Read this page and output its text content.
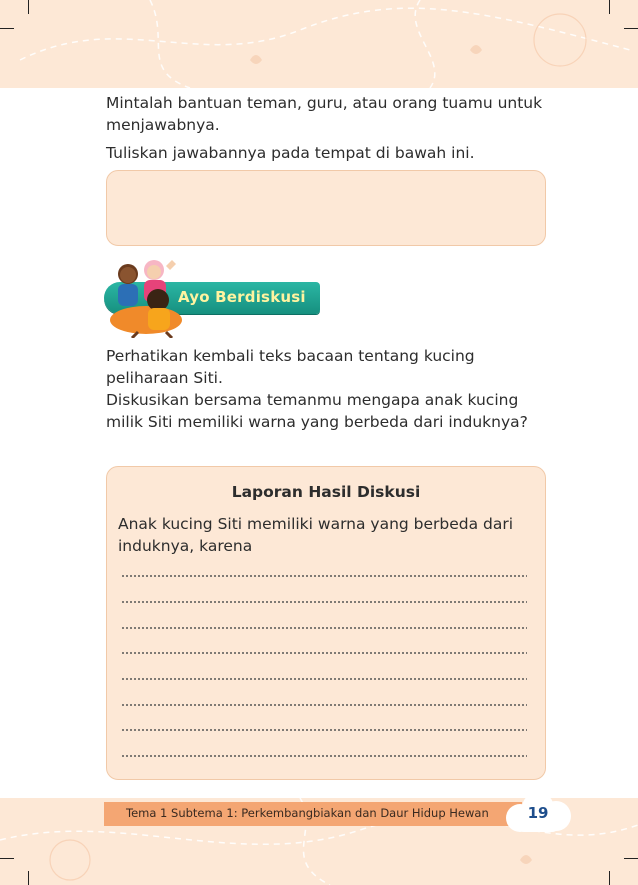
Mintalah bantuan teman, guru, atau orang tuamu untuk menjawabnya.

Tuliskan jawabannya pada tempat di bawah ini.

Ayo Berdiskusi

Perhatikan kembali teks bacaan tentang kucing peliharaan Siti.

Diskusikan bersama temanmu mengapa anak kucing milik Siti memiliki warna yang berbeda dari induknya?

Laporan Hasil Diskusi

Anak kucing Siti memiliki warna yang berbeda dari induknya, karena

Tema 1 Subtema 1: Perkembangbiakan dan Daur Hidup Hewan	19
